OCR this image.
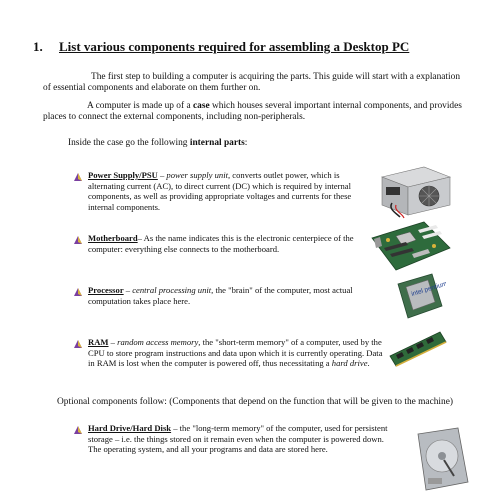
1. List various components required for assembling a Desktop PC

The first step to building a computer is acquiring the parts. This guide will start with a explanation of essential components and elaborate on them further on.

A computer is made up of a case which houses several important internal components, and provides places to connect the external components, including non-peripherals.

Inside the case go the following internal parts:

Power Supply/PSU – power supply unit, converts outlet power, which is alternating current (AC), to direct current (DC) which is required by internal components, as well as providing appropriate voltages and currents for these internal components.
Motherboard– As the name indicates this is the electronic centerpiece of the computer: everything else connects to the motherboard.
Processor – central processing unit, the "brain" of the computer, most actual computation takes place here.
intel pentium
RAM – random access memory, the "short-term memory" of a computer, used by the CPU to store program instructions and data upon which it is currently operating. Data in RAM is lost when the computer is powered off, thus necessitating a hard drive.

Optional components follow: (Components that depend on the function that will be given to the machine)

Hard Drive/Hard Disk – the "long-term memory" of the computer, used for persistent storage – i.e. the things stored on it remain even when the computer is powered down. The operating system, and all your programs and data are stored here.
